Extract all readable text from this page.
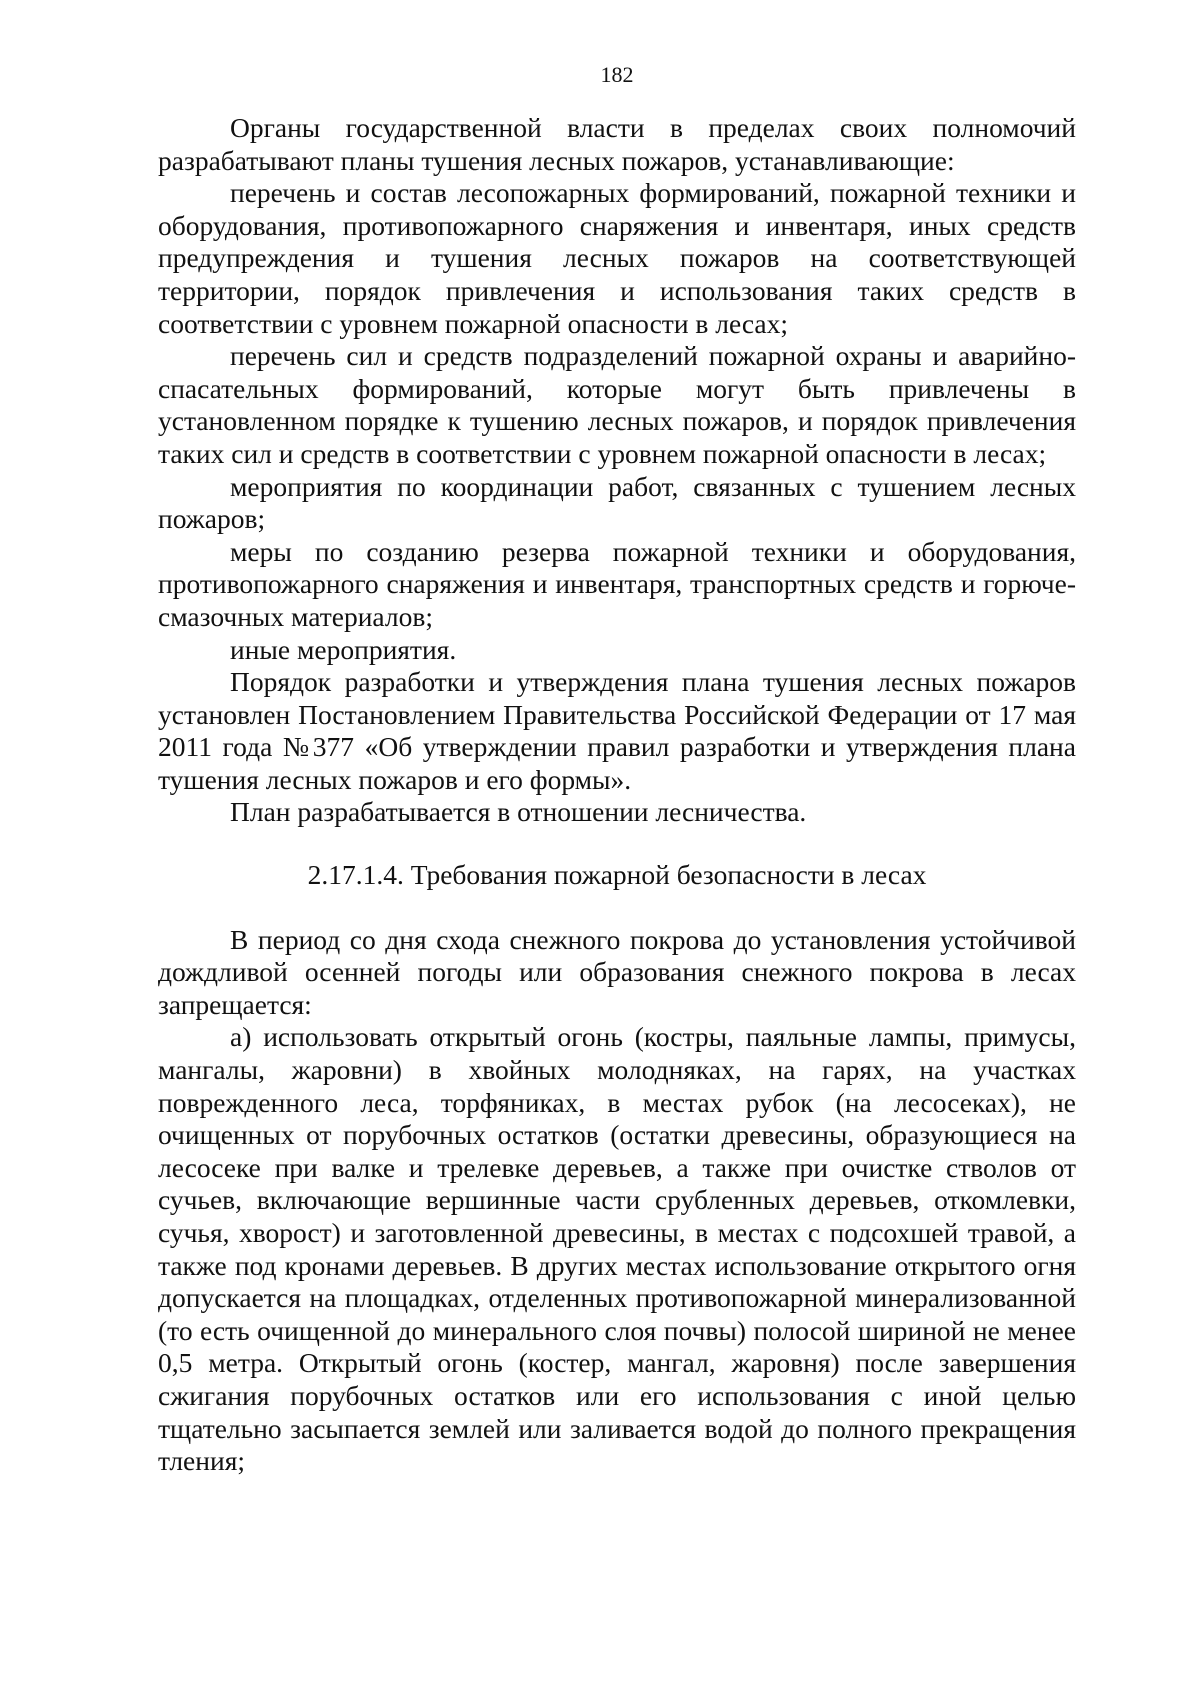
182

Органы государственной власти в пределах своих полномочий разрабатывают планы тушения лесных пожаров, устанавливающие:

перечень и состав лесопожарных формирований, пожарной техники и оборудования, противопожарного снаряжения и инвентаря, иных средств предупреждения и тушения лесных пожаров на соответствующей территории, порядок привлечения и использования таких средств в соответствии с уровнем пожарной опасности в лесах;

перечень сил и средств подразделений пожарной охраны и аварийно-спасательных формирований, которые могут быть привлечены в установленном порядке к тушению лесных пожаров, и порядок привлечения таких сил и средств в соответствии с уровнем пожарной опасности в лесах;

мероприятия по координации работ, связанных с тушением лесных пожаров;

меры по созданию резерва пожарной техники и оборудования, противопожарного снаряжения и инвентаря, транспортных средств и горюче-смазочных материалов;

иные мероприятия.

Порядок разработки и утверждения плана тушения лесных пожаров установлен Постановлением Правительства Российской Федерации от 17 мая 2011 года №377 «Об утверждении правил разработки и утверждения плана тушения лесных пожаров и его формы».

План разрабатывается в отношении лесничества.

2.17.1.4. Требования пожарной безопасности в лесах

В период со дня схода снежного покрова до установления устойчивой дождливой осенней погоды или образования снежного покрова в лесах запрещается:

а) использовать открытый огонь (костры, паяльные лампы, примусы, мангалы, жаровни) в хвойных молодняках, на гарях, на участках поврежденного леса, торфяниках, в местах рубок (на лесосеках), не очищенных от порубочных остатков (остатки древесины, образующиеся на лесосеке при валке и трелевке деревьев, а также при очистке стволов от сучьев, включающие вершинные части срубленных деревьев, откомлевки, сучья, хворост) и заготовленной древесины, в местах с подсохшей травой, а также под кронами деревьев. В других местах использование открытого огня допускается на площадках, отделенных противопожарной минерализованной (то есть очищенной до минерального слоя почвы) полосой шириной не менее 0,5 метра. Открытый огонь (костер, мангал, жаровня) после завершения сжигания порубочных остатков или его использования с иной целью тщательно засыпается землей или заливается водой до полного прекращения тления;
